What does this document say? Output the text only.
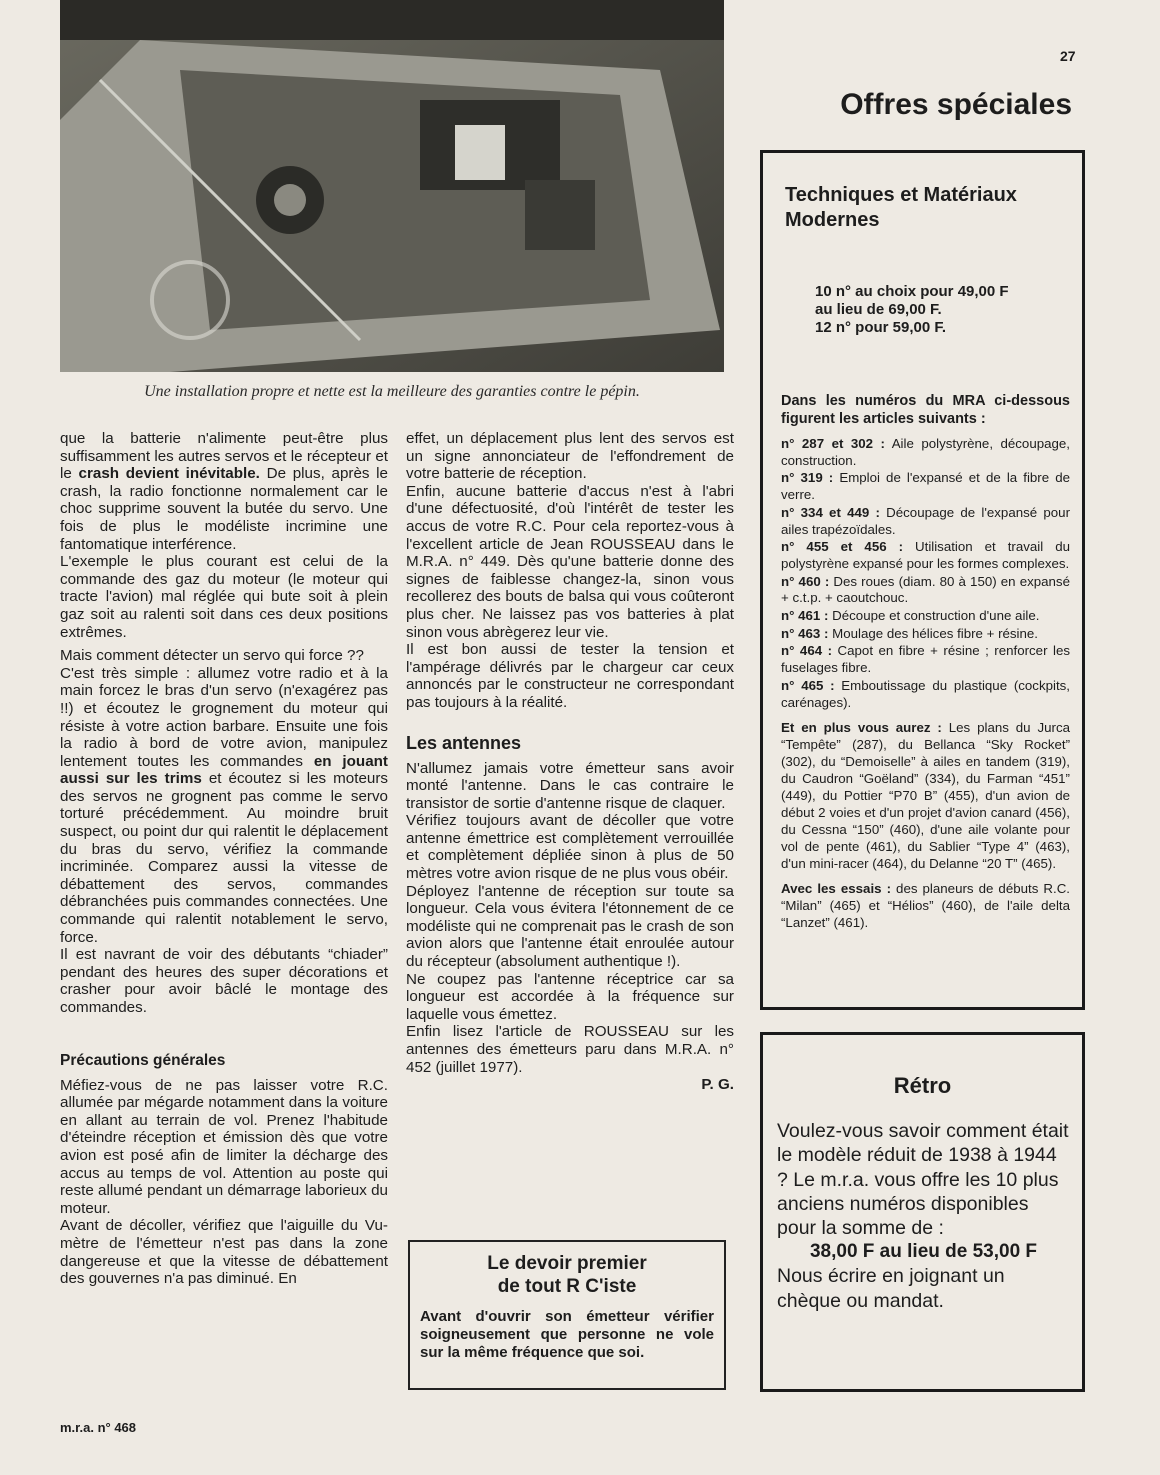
Une installation propre et nette est la meilleure des garanties contre le pépin.

que la batterie n'alimente peut-être plus suffisamment les autres servos et le récepteur et le crash devient inévitable. De plus, après le crash, la radio fonctionne normalement car le choc supprime souvent la butée du servo. Une fois de plus le modéliste incrimine une fantomatique interférence.

L'exemple le plus courant est celui de la commande des gaz du moteur (le moteur qui tracte l'avion) mal réglée qui bute soit à plein gaz soit au ralenti soit dans ces deux positions extrêmes.

Mais comment détecter un servo qui force ??

C'est très simple : allumez votre radio et à la main forcez le bras d'un servo (n'exagérez pas !!) et écoutez le grognement du moteur qui résiste à votre action barbare. Ensuite une fois la radio à bord de votre avion, manipulez lentement toutes les commandes en jouant aussi sur les trims et écoutez si les moteurs des servos ne grognent pas comme le servo torturé précédemment. Au moindre bruit suspect, ou point dur qui ralentit le déplacement du bras du servo, vérifiez la commande incriminée. Comparez aussi la vitesse de débattement des servos, commandes débranchées puis commandes connectées. Une commande qui ralentit notablement le servo, force.

Il est navrant de voir des débutants “chiader” pendant des heures des super décorations et crasher pour avoir bâclé le montage des commandes.

Précautions générales

Méfiez-vous de ne pas laisser votre R.C. allumée par mégarde notamment dans la voiture en allant au terrain de vol. Prenez l'habitude d'éteindre réception et émission dès que votre avion est posé afin de limiter la décharge des accus au temps de vol. Attention au poste qui reste allumé pendant un démarrage laborieux du moteur.

Avant de décoller, vérifiez que l'aiguille du Vu-mètre de l'émetteur n'est pas dans la zone dangereuse et que la vitesse de débattement des gouvernes n'a pas diminué. En

effet, un déplacement plus lent des servos est un signe annonciateur de l'effondrement de votre batterie de réception.

Enfin, aucune batterie d'accus n'est à l'abri d'une défectuosité, d'où l'intérêt de tester les accus de votre R.C. Pour cela reportez-vous à l'excellent article de Jean ROUSSEAU dans le M.R.A. n° 449. Dès qu'une batterie donne des signes de faiblesse changez-la, sinon vous recollerez des bouts de balsa qui vous coûteront plus cher. Ne laissez pas vos batteries à plat sinon vous abrègerez leur vie.

Il est bon aussi de tester la tension et l'ampérage délivrés par le chargeur car ceux annoncés par le constructeur ne correspondant pas toujours à la réalité.

Les antennes

N'allumez jamais votre émetteur sans avoir monté l'antenne. Dans le cas contraire le transistor de sortie d'antenne risque de claquer.

Vérifiez toujours avant de décoller que votre antenne émettrice est complètement verrouillée et complètement dépliée sinon à plus de 50 mètres votre avion risque de ne plus vous obéir.

Déployez l'antenne de réception sur toute sa longueur. Cela vous évitera l'étonnement de ce modéliste qui ne comprenait pas le crash de son avion alors que l'antenne était enroulée autour du récepteur (absolument authentique !).

Ne coupez pas l'antenne réceptrice car sa longueur est accordée à la fréquence sur laquelle vous émettez.

Enfin lisez l'article de ROUSSEAU sur les antennes des émetteurs paru dans M.R.A. n° 452 (juillet 1977).

P. G.

Le devoir premier
de tout R C'iste
Avant d'ouvrir son émetteur vérifier soigneusement que personne ne vole sur la même fréquence que soi.
27
Offres spéciales
Techniques et Matériaux Modernes
10 n° au choix pour 49,00 F
au lieu de 69,00 F.
12 n° pour 59,00 F.
Dans les numéros du MRA ci-dessous figurent les articles suivants :
n° 287 et 302 : Aile polystyrène, découpage, construction.
n° 319 : Emploi de l'expansé et de la fibre de verre.
n° 334 et 449 : Découpage de l'expansé pour ailes trapézoïdales.
n° 455 et 456 : Utilisation et travail du polystyrène expansé pour les formes complexes.
n° 460 : Des roues (diam. 80 à 150) en expansé + c.t.p. + caoutchouc.
n° 461 : Découpe et construction d'une aile.
n° 463 : Moulage des hélices fibre + résine.
n° 464 : Capot en fibre + résine ; renforcer les fuselages fibre.
n° 465 : Emboutissage du plastique (cockpits, carénages).
Et en plus vous aurez : Les plans du Jurca “Tempête” (287), du Bellanca “Sky Rocket” (302), du “Demoiselle” à ailes en tandem (319), du Caudron “Goëland” (334), du Farman “451” (449), du Pottier “P70 B” (455), d'un avion de début 2 voies et d'un projet d'avion canard (456), du Cessna “150” (460), d'une aile volante pour vol de pente (461), du Sablier “Type 4” (463), d'un mini-racer (464), du Delanne “20 T” (465).
Avec les essais : des planeurs de débuts R.C. “Milan” (465) et “Hélios” (460), de l'aile delta “Lanzet” (461).
Rétro
Voulez-vous savoir comment était le modèle réduit de 1938 à 1944 ? Le m.r.a. vous offre les 10 plus anciens numéros disponibles pour la somme de :
38,00 F au lieu de 53,00 F
Nous écrire en joignant un chèque ou mandat.
m.r.a. n° 468
